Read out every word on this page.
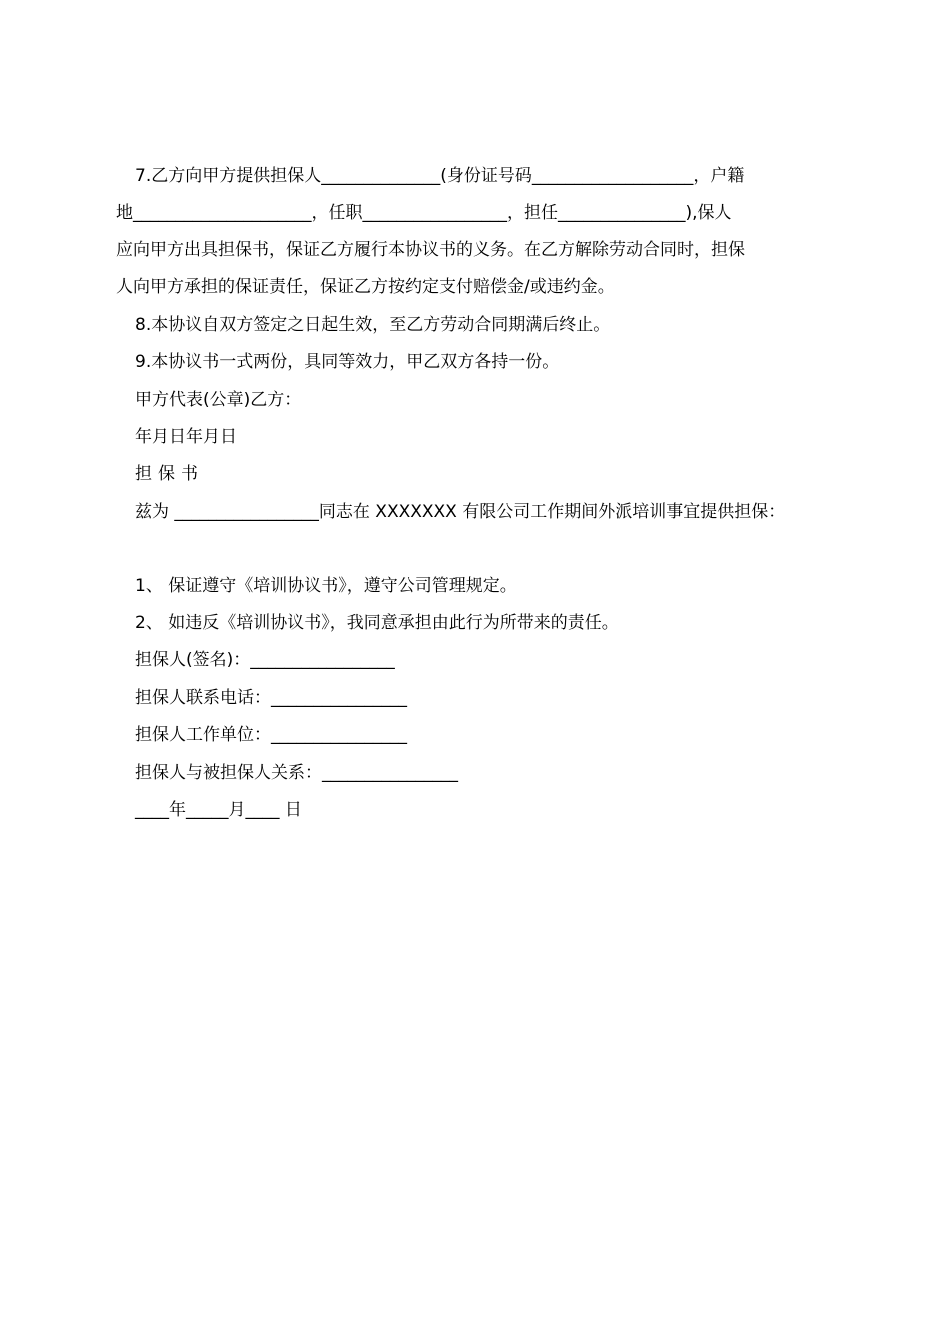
7.乙方向甲方提供担保人______________(身份证号码___________________，户籍
地_____________________，任职_________________，担任_______________),保人
应向甲方出具担保书，保证乙方履行本协议书的义务。在乙方解除劳动合同时，担保
人向甲方承担的保证责任，保证乙方按约定支付赔偿金/或违约金。
8.本协议自双方签定之日起生效，至乙方劳动合同期满后终止。
9.本协议书一式两份，具同等效力，甲乙双方各持一份。
甲方代表(公章)乙方：
年月日年月日
担保书
兹为 _________________同志在 XXXXXXX 有限公司工作期间外派培训事宜提供担保：
1、 保证遵守《培训协议书》，遵守公司管理规定。
2、 如违反《培训协议书》，我同意承担由此行为所带来的责任。
担保人(签名)：_________________
担保人联系电话：________________
担保人工作单位：________________
担保人与被担保人关系：________________
____年_____月____ 日
